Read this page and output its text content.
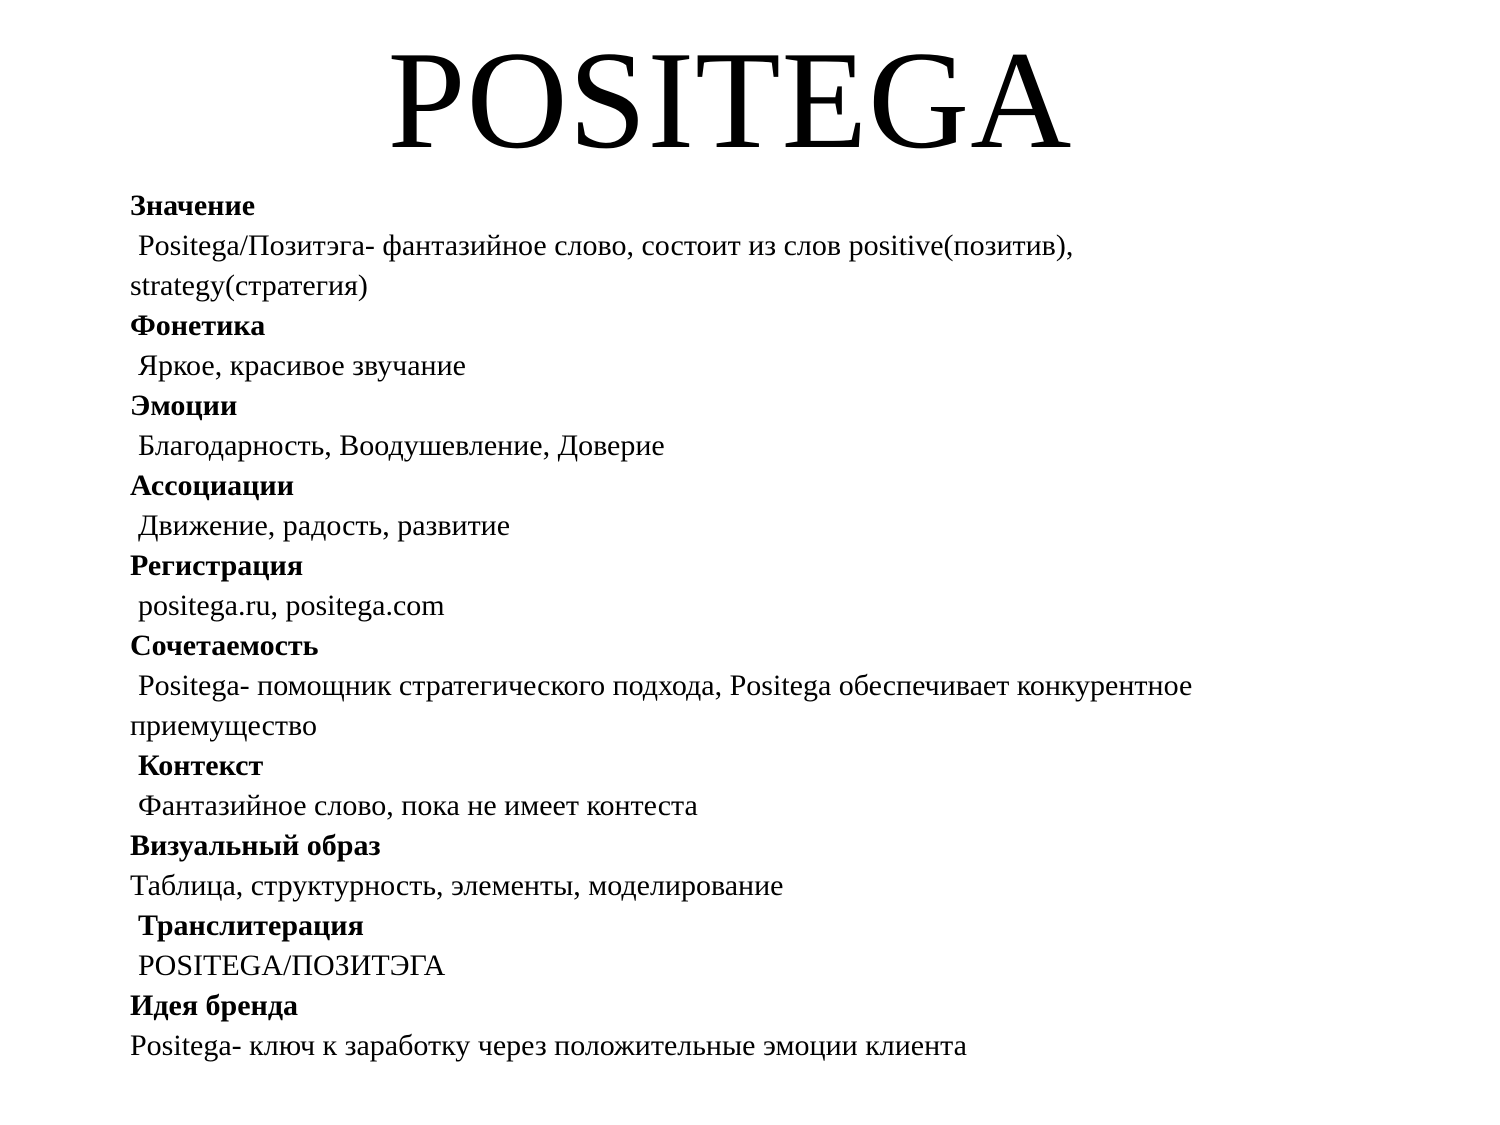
POSITEGA
Значение
Positega/Позитэга- фантазийное слово, состоит из слов positive(позитив),
strategy(стратегия)
Фонетика
Яркое, красивое звучание
Эмоции
Благодарность, Воодушевление, Доверие
Ассоциации
Движение, радость, развитие
Регистрация
positega.ru, positega.com
Сочетаемость
Positega- помощник стратегического подхода, Positega обеспечивает конкурентное
приемущество
Контекст
Фантазийное слово, пока не имеет контеста
Визуальный образ
Таблица, структурность, элементы, моделирование
Транслитерация
POSITEGA/ПОЗИТЭГА
Идея бренда
Positega- ключ к заработку через положительные эмоции клиента
